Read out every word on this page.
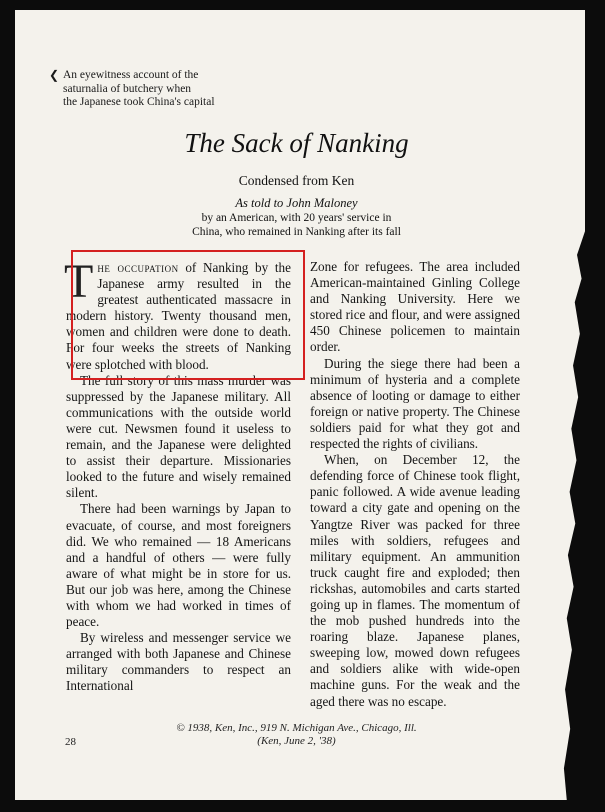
❮ An eyewitness account of the
saturnalia of butchery when
the Japanese took China's capital
The Sack of Nanking
Condensed from Ken
As told to John Maloney
by an American, with 20 years' service in
China, who remained in Nanking after its fall

The occupation of Nanking by the Japanese army resulted in the greatest authenticated massacre in modern history. Twenty thousand men, women and children were done to death. For four weeks the streets of Nanking were splotched with blood.

The full story of this mass murder was suppressed by the Japanese military. All communications with the outside world were cut. Newsmen found it useless to remain, and the Japanese were delighted to assist their departure. Missionaries looked to the future and wisely remained silent.

There had been warnings by Japan to evacuate, of course, and most foreigners did. We who remained — 18 Americans and a handful of others — were fully aware of what might be in store for us. But our job was here, among the Chinese with whom we had worked in times of peace.

By wireless and messenger service we arranged with both Japanese and Chinese military commanders to respect an International

Zone for refugees. The area included American-maintained Ginling College and Nanking University. Here we stored rice and flour, and were assigned 450 Chinese policemen to maintain order.

During the siege there had been a minimum of hysteria and a complete absence of looting or damage to either foreign or native property. The Chinese soldiers paid for what they got and respected the rights of civilians.

When, on December 12, the defending force of Chinese took flight, panic followed. A wide avenue leading toward a city gate and opening on the Yangtze River was packed for three miles with soldiers, refugees and military equipment. An ammunition truck caught fire and exploded; then rickshas, automobiles and carts started going up in flames. The momentum of the mob pushed hundreds into the roaring blaze. Japanese planes, sweeping low, mowed down refugees and soldiers alike with wide-open machine guns. For the weak and the aged there was no escape.

© 1938, Ken, Inc., 919 N. Michigan Ave., Chicago, Ill.
(Ken, June 2, '38)
28
